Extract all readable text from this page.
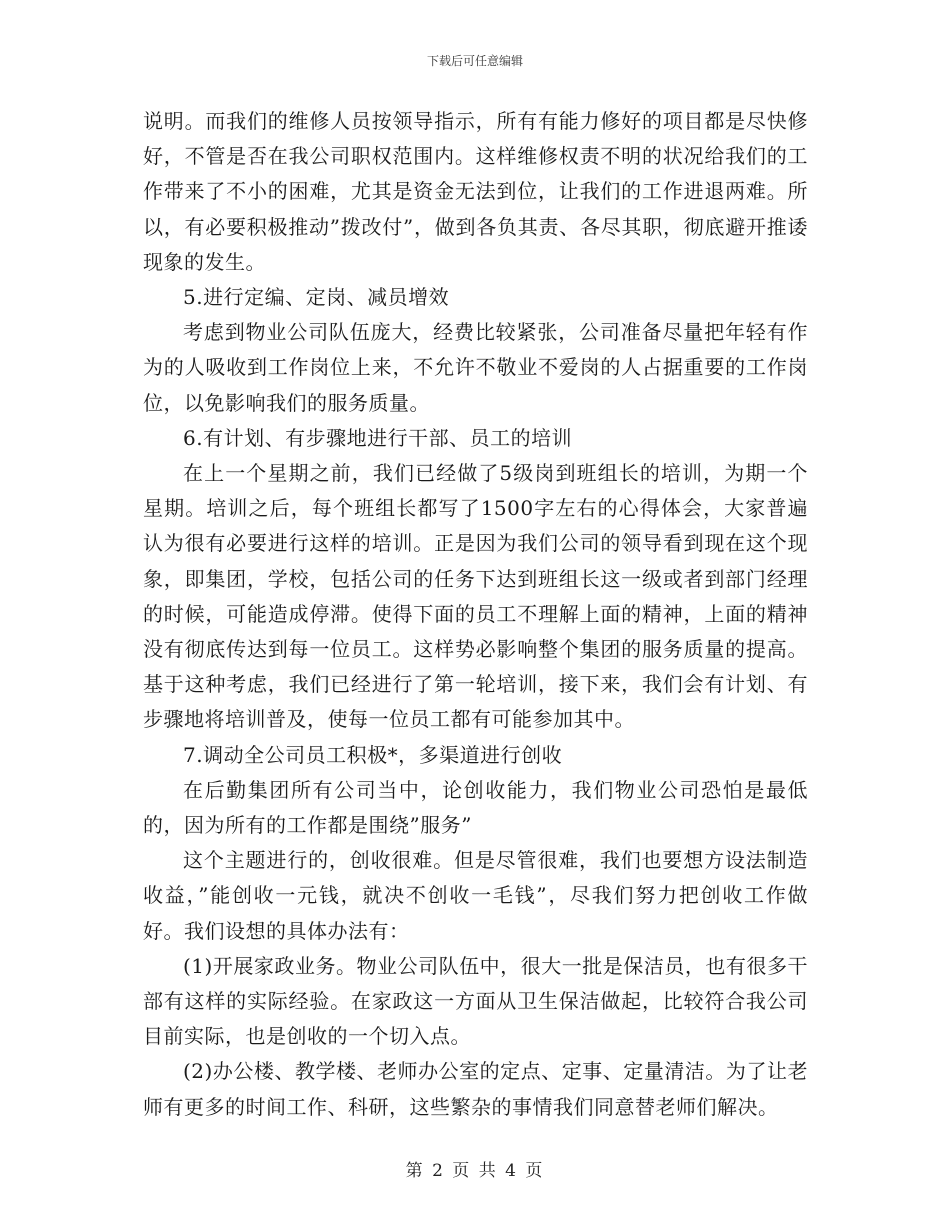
下载后可任意编辑

说明。而我们的维修人员按领导指示，所有有能力修好的项目都是尽快修好，不管是否在我公司职权范围内。这样维修权责不明的状况给我们的工作带来了不小的困难，尤其是资金无法到位，让我们的工作进退两难。所以，有必要积极推动”拨改付”，做到各负其责、各尽其职，彻底避开推诿现象的发生。

5.进行定编、定岗、减员增效

考虑到物业公司队伍庞大，经费比较紧张，公司准备尽量把年轻有作为的人吸收到工作岗位上来，不允许不敬业不爱岗的人占据重要的工作岗位，以免影响我们的服务质量。

6.有计划、有步骤地进行干部、员工的培训

在上一个星期之前，我们已经做了5级岗到班组长的培训，为期一个星期。培训之后，每个班组长都写了1500字左右的心得体会，大家普遍认为很有必要进行这样的培训。正是因为我们公司的领导看到现在这个现象，即集团，学校，包括公司的任务下达到班组长这一级或者到部门经理的时候，可能造成停滞。使得下面的员工不理解上面的精神，上面的精神没有彻底传达到每一位员工。这样势必影响整个集团的服务质量的提高。基于这种考虑，我们已经进行了第一轮培训，接下来，我们会有计划、有步骤地将培训普及，使每一位员工都有可能参加其中。

7.调动全公司员工积极*，多渠道进行创收

在后勤集团所有公司当中，论创收能力，我们物业公司恐怕是最低的，因为所有的工作都是围绕”服务”

这个主题进行的，创收很难。但是尽管很难，我们也要想方设法制造收益，”能创收一元钱，就决不创收一毛钱”，尽我们努力把创收工作做好。我们设想的具体办法有：

(1)开展家政业务。物业公司队伍中，很大一批是保洁员，也有很多干部有这样的实际经验。在家政这一方面从卫生保洁做起，比较符合我公司目前实际，也是创收的一个切入点。

(2)办公楼、教学楼、老师办公室的定点、定事、定量清洁。为了让老师有更多的时间工作、科研，这些繁杂的事情我们同意替老师们解决。

第 2 页 共 4 页
